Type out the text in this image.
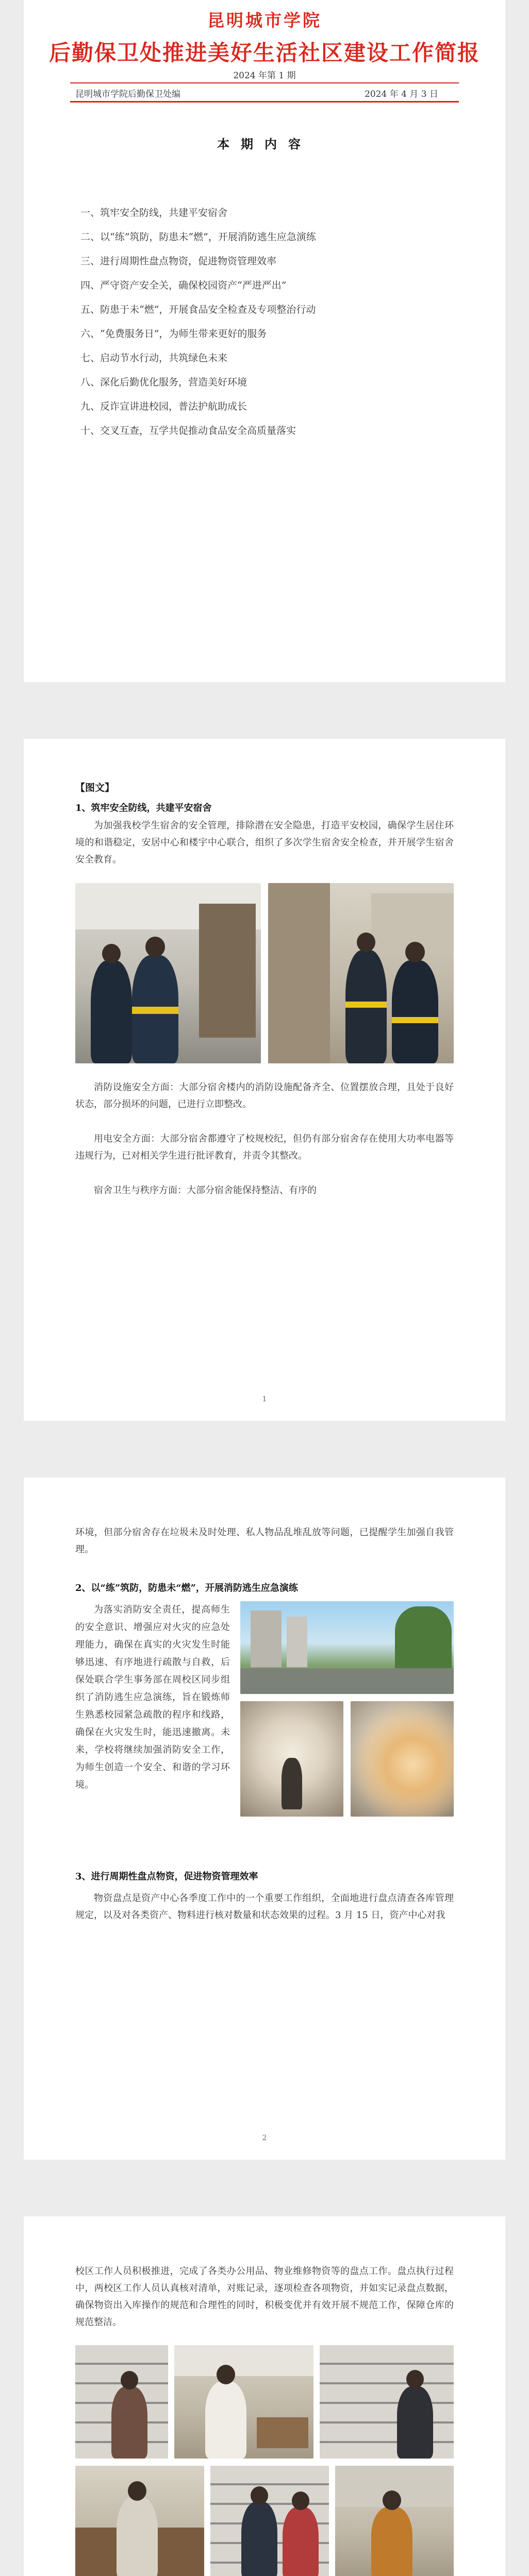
昆明城市学院
后勤保卫处推进美好生活社区建设工作简报
2024 年第 1 期
昆明城市学院后勤保卫处编	2024 年 4 月 3 日
本期内容
一、筑牢安全防线，共建平安宿舍
二、以“练”筑防，防患未“燃”，开展消防逃生应急演练
三、进行周期性盘点物资，促进物资管理效率
四、严守资产安全关，确保校园资产“严进严出”
五、防患于未“燃”，开展食品安全检查及专项整治行动
六、“免费服务日”，为师生带来更好的服务
七、启动节水行动，共筑绿色未来
八、深化后勤优化服务，营造美好环境
九、反诈宣讲进校园，普法护航助成长
十、交叉互查，互学共促推动食品安全高质量落实
【图文】
1、筑牢安全防线，共建平安宿舍
为加强我校学生宿舍的安全管理，排除潜在安全隐患，打造平安校园，确保学生居住环境的和谐稳定，安居中心和楼宇中心联合，组织了多次学生宿舍安全检查，并开展学生宿舍安全教育。
消防设施安全方面：大部分宿舍楼内的消防设施配备齐全、位置摆放合理，且处于良好状态，部分损坏的问题，已进行立即整改。
用电安全方面：大部分宿舍都遵守了校规校纪，但仍有部分宿舍存在使用大功率电器等违规行为，已对相关学生进行批评教育，并责令其整改。
宿舍卫生与秩序方面：大部分宿舍能保持整洁、有序的
1
环境，但部分宿舍存在垃圾未及时处理、私人物品乱堆乱放等问题，已提醒学生加强自我管理。
2、以“练”筑防，防患未“燃”，开展消防逃生应急演练
为落实消防安全责任，提高师生的安全意识、增强应对火灾的应急处理能力，确保在真实的火灾发生时能够迅速、有序地进行疏散与自救，后保处联合学生事务部在周校区同步组织了消防逃生应急演练，旨在锻炼师生熟悉校园紧急疏散的程序和线路，确保在火灾发生时，能迅速撤离。未来，学校将继续加强消防安全工作，为师生创造一个安全、和谐的学习环境。
3、进行周期性盘点物资，促进物资管理效率
物资盘点是资产中心各季度工作中的一个重要工作组织，全面地进行盘点清查各库管理规定，以及对各类资产、物料进行核对数量和状态效果的过程。3 月 15 日，资产中心对我
2
校区工作人员积极推进，完成了各类办公用品、物业维修物资等的盘点工作。盘点执行过程中，两校区工作人员认真核对清单，对账记录，逐项检查各项物资，并如实记录盘点数据，确保物资出入库操作的规范和合理性的同时，积极变优并有效开展不规范工作，保障仓库的规范整洁。
